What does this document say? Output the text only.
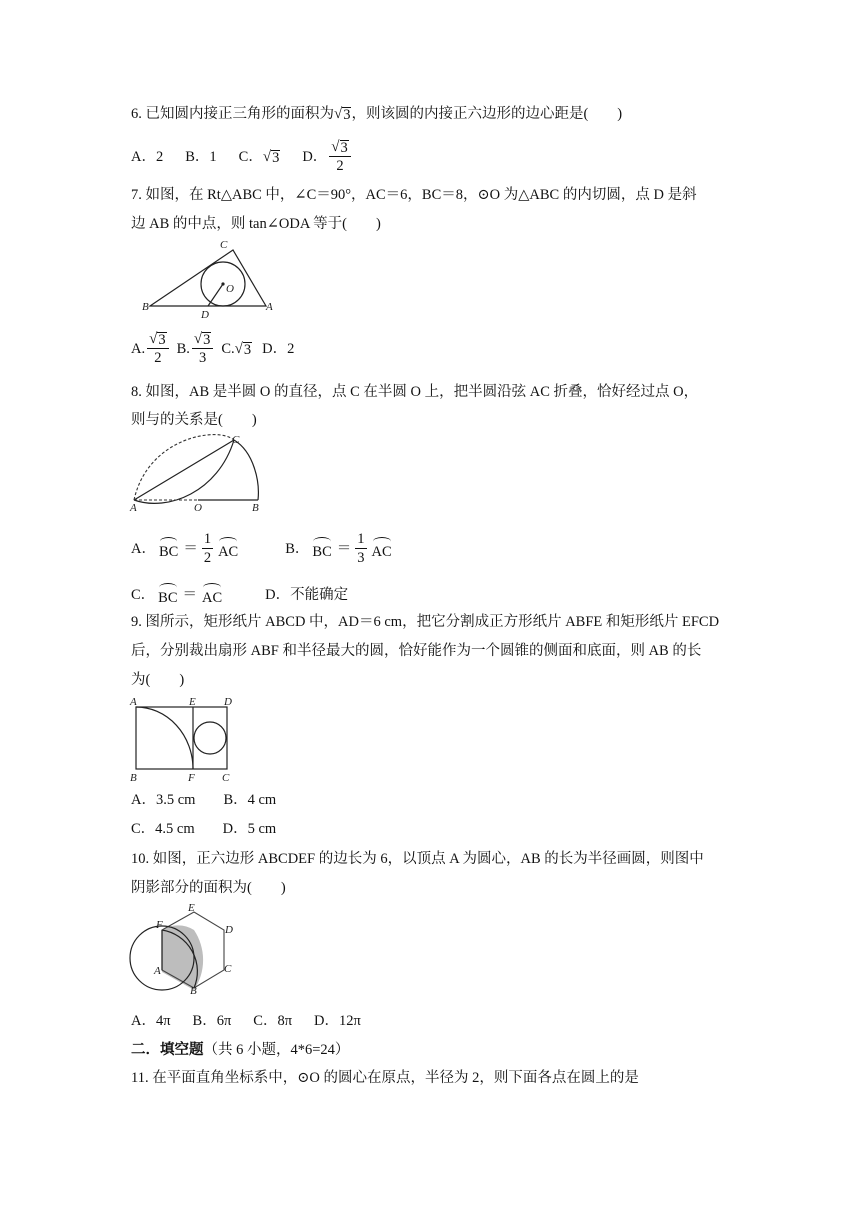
6. 已知圆内接正三角形的面积为 √ 3 ，则该圆的内接正六边形的边心距是(　　)
A．2 B．1 C． √ 3 D． $\frac{√ 3}{2}$
7. 如图，在 Rt△ABC 中，∠C＝90°，AC＝6，BC＝8，⊙O 为△ABC 的内切圆，点 D 是斜
边 AB 的中点，则 tan∠ODA 等于(　　)
C
O
B	A
D
A. $\frac{√ 3}{2} B$. $\frac{√ 3}{3} C$. √ 3 D．2
8. 如图，AB 是半圆 O 的直径，点 C 在半圆 O 上，把半圆沿弦 AC 折叠，恰好经过点 O，
则与的关系是(　　)
C
A	O	B
A． BC ＝ $\frac{1}{2}$ AC	B． BC ＝ $\frac{1}{3}$ AC
C． BC ＝ AC	D．不能确定
9. 图所示，矩形纸片 ABCD 中，AD＝6 cm，把它分割成正方形纸片 ABFE 和矩形纸片 EFCD
后，分别裁出扇形 ABF 和半径最大的圆，恰好能作为一个圆锥的侧面和底面，则 AB 的长
为(　　)
A	E	D
B	F C
A．3.5 cm B．4 cm
C．4.5 cm D．5 cm
10. 如图，正六边形 ABCDEF 的边长为 6，以顶点 A 为圆心，AB 的长为半径画圆，则图中
阴影部分的面积为(　　)
E
F	D
A	C
B
A．4π B．6π C．8π D．12π
二．填空题 （共 6 小题，4*6=24）
11. 在平面直角坐标系中，⊙O 的圆心在原点，半径为 2，则下面各点在圆上的是
